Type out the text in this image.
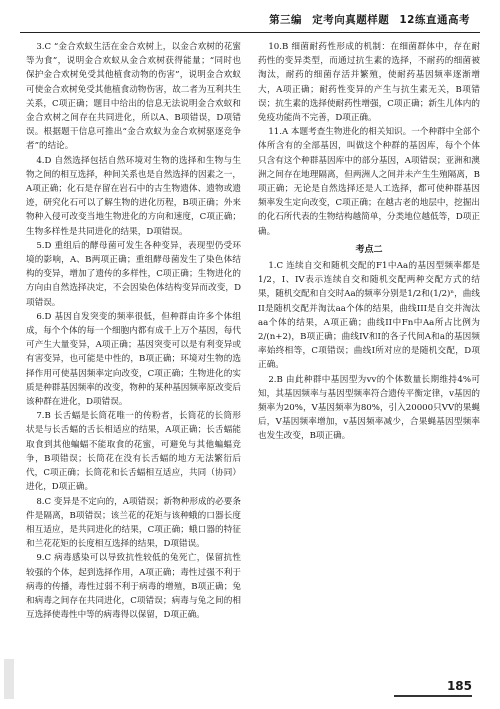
第三编 定考向真题样题 12练直通高考

3.C “金合欢蚁生活在金合欢树上，以金合欢树的花蜜等为食”，说明金合欢蚁从金合欢树获得能量；“同时也保护金合欢树免受其他植食动物的伤害”，说明金合欢蚁可使金合欢树免受其他植食动物伤害，故二者为互利共生关系，C项正确；题目中给出的信息无法说明金合欢蚁和金合欢树之间存在共同进化，所以A、B项错误，D项错误。根据题干信息可推出“金合欢蚁为金合欢树驱逐竞争者”的结论。

4.D 自然选择包括自然环境对生物的选择和生物与生物之间的相互选择，种间关系也是自然选择的因素之一，A项正确；化石是存留在岩石中的古生物遗体、遗物或遗迹，研究化石可以了解生物的进化历程，B项正确；外来物种入侵可改变当地生物进化的方向和速度，C项正确；生物多样性是共同进化的结果，D项错误。

5.D 重组后的酵母菌可发生各种变异，表现型仍受环境的影响，A、B两项正确；重组酵母菌发生了染色体结构的变异，增加了遗传的多样性，C项正确；生物进化的方向由自然选择决定，不会因染色体结构变异而改变，D项错误。

6.D 基因自发突变的频率很低，但种群由许多个体组成，每个个体的每一个细胞内都有成千上万个基因，每代可产生大量变异，A项正确；基因突变可以是有利变异或有害变异，也可能是中性的，B项正确；环境对生物的选择作用可使基因频率定向改变，C项正确；生物进化的实质是种群基因频率的改变，物种的某种基因频率原改变后该种群在进化，D项错误。

7.B 长舌蝠是长筒花唯一的传粉者，长筒花的长筒形状是与长舌蝠的舌长相适应的结果，A项正确；长舌蝠能取食到其他蝙蝠不能取食的花蜜，可避免与其他蝙蝠竞争，B项错误；长筒花在没有长舌蝠的地方无法繁衍后代，C项正确；长筒花和长舌蝠相互适应，共同（协同）进化，D项正确。

8.C 变异是不定向的，A项错误；新物种形成的必要条件是隔离，B项错误；该兰花的花矩与该种蛾的口器长度相互适应，是共同进化的结果，C项正确；蛾口器的特征和兰花花矩的长度相互选择的结果，D项错误。

9.C 病毒感染可以导致抗性较低的兔死亡，保留抗性较强的个体，起到选择作用，A项正确；毒性过强不利于病毒的传播，毒性过弱不利于病毒的增殖，B项正确；兔和病毒之间存在共同进化，C项错误；病毒与兔之间的相互选择使毒性中等的病毒得以保留，D项正确。

10.B 细菌耐药性形成的机制：在细菌群体中，存在耐药性的变异类型，而通过抗生素的选择，不耐药的细菌被淘汰，耐药的细菌存活并繁殖，使耐药基因频率逐渐增大，A项正确；耐药性变异的产生与抗生素无关，B项错误；抗生素的选择使耐药性增强，C项正确；新生儿体内的免疫功能尚不完善，D项正确。

11.A 本题考查生物进化的相关知识。一个种群中全部个体所含有的全部基因，叫做这个种群的基因库，每个个体只含有这个种群基因库中的部分基因，A项错误；亚洲和澳洲之间存在地理隔离，但两洲人之间并未产生生殖隔离，B项正确；无论是自然选择还是人工选择，都可使种群基因频率发生定向改变，C项正确；在越古老的地层中，挖掘出的化石所代表的生物结构越简单，分类地位越低等，D项正确。

考点二

1.C 连续自交和随机交配的F1中Aa的基因型频率都是1/2，I、IV表示连续自交和随机交配两种交配方式的结果，随机交配和自交时Aa的频率分别是1/2和(1/2)ⁿ，曲线II是随机交配并淘汰aa个体的结果，曲线III是自交并淘汰aa个体的结果，A项正确；曲线II中Fn中Aa所占比例为2/(n+2)，B项正确；曲线IV和I的各子代间A和a的基因频率始终相等，C项错误；曲线I所对应的是随机交配，D项正确。

2.B 由此种群中基因型为vv的个体数量长期维持4%可知，其基因频率与基因型频率符合遗传平衡定律，v基因的频率为20%，V基因频率为80%，引入20000只VV的果蝇后，V基因频率增加，v基因频率减少，合果蝇基因型频率也发生改变，B项正确。

185
